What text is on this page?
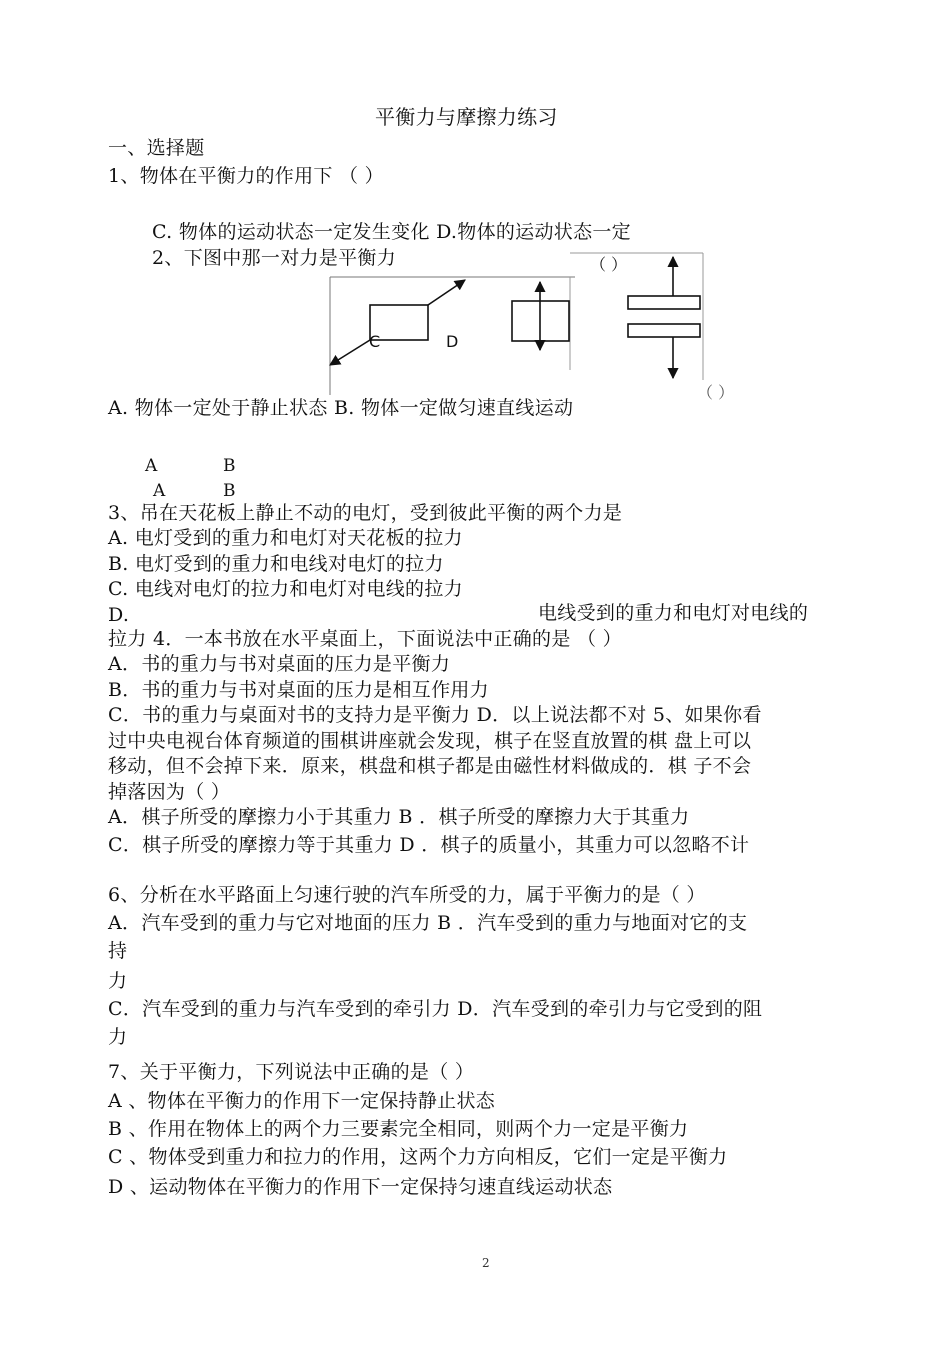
平衡力与摩擦力练习
一、选择题
1、物体在平衡力的作用下 （ ）
C. 物体的运动状态一定发生变化 D.物体的运动状态一定
2、下图中那一对力是平衡力
C	D
（ ）
（ ）
A. 物体一定处于静止状态 B. 物体一定做匀速直线运动
A	B
A	B
3、吊在天花板上静止不动的电灯，受到彼此平衡的两个力是
A. 电灯受到的重力和电灯对天花板的拉力
B. 电灯受到的重力和电线对电灯的拉力
C. 电线对电灯的拉力和电灯对电线的拉力
D.	电线受到的重力和电灯对电线的
拉力 4．一本书放在水平桌面上，下面说法中正确的是 （ ）
A．书的重力与书对桌面的压力是平衡力
B．书的重力与书对桌面的压力是相互作用力
C．书的重力与桌面对书的支持力是平衡力 D．以上说法都不对 5、如果你看
过中央电视台体育频道的围棋讲座就会发现，棋子在竖直放置的棋 盘上可以
移动，但不会掉下来．原来，棋盘和棋子都是由磁性材料做成的．棋 子不会
掉落因为（ ）
A．棋子所受的摩擦力小于其重力 B ．棋子所受的摩擦力大于其重力
C．棋子所受的摩擦力等于其重力 D ．棋子的质量小，其重力可以忽略不计
6、分析在水平路面上匀速行驶的汽车所受的力，属于平衡力的是（ ）
A．汽车受到的重力与它对地面的压力 B ．汽车受到的重力与地面对它的支
持
力
C．汽车受到的重力与汽车受到的牵引力 D．汽车受到的牵引力与它受到的阻
力
7、关于平衡力，下列说法中正确的是（ ）
A 、物体在平衡力的作用下一定保持静止状态
B 、作用在物体上的两个力三要素完全相同，则两个力一定是平衡力
C 、物体受到重力和拉力的作用，这两个力方向相反，它们一定是平衡力
D 、运动物体在平衡力的作用下一定保持匀速直线运动状态
2
